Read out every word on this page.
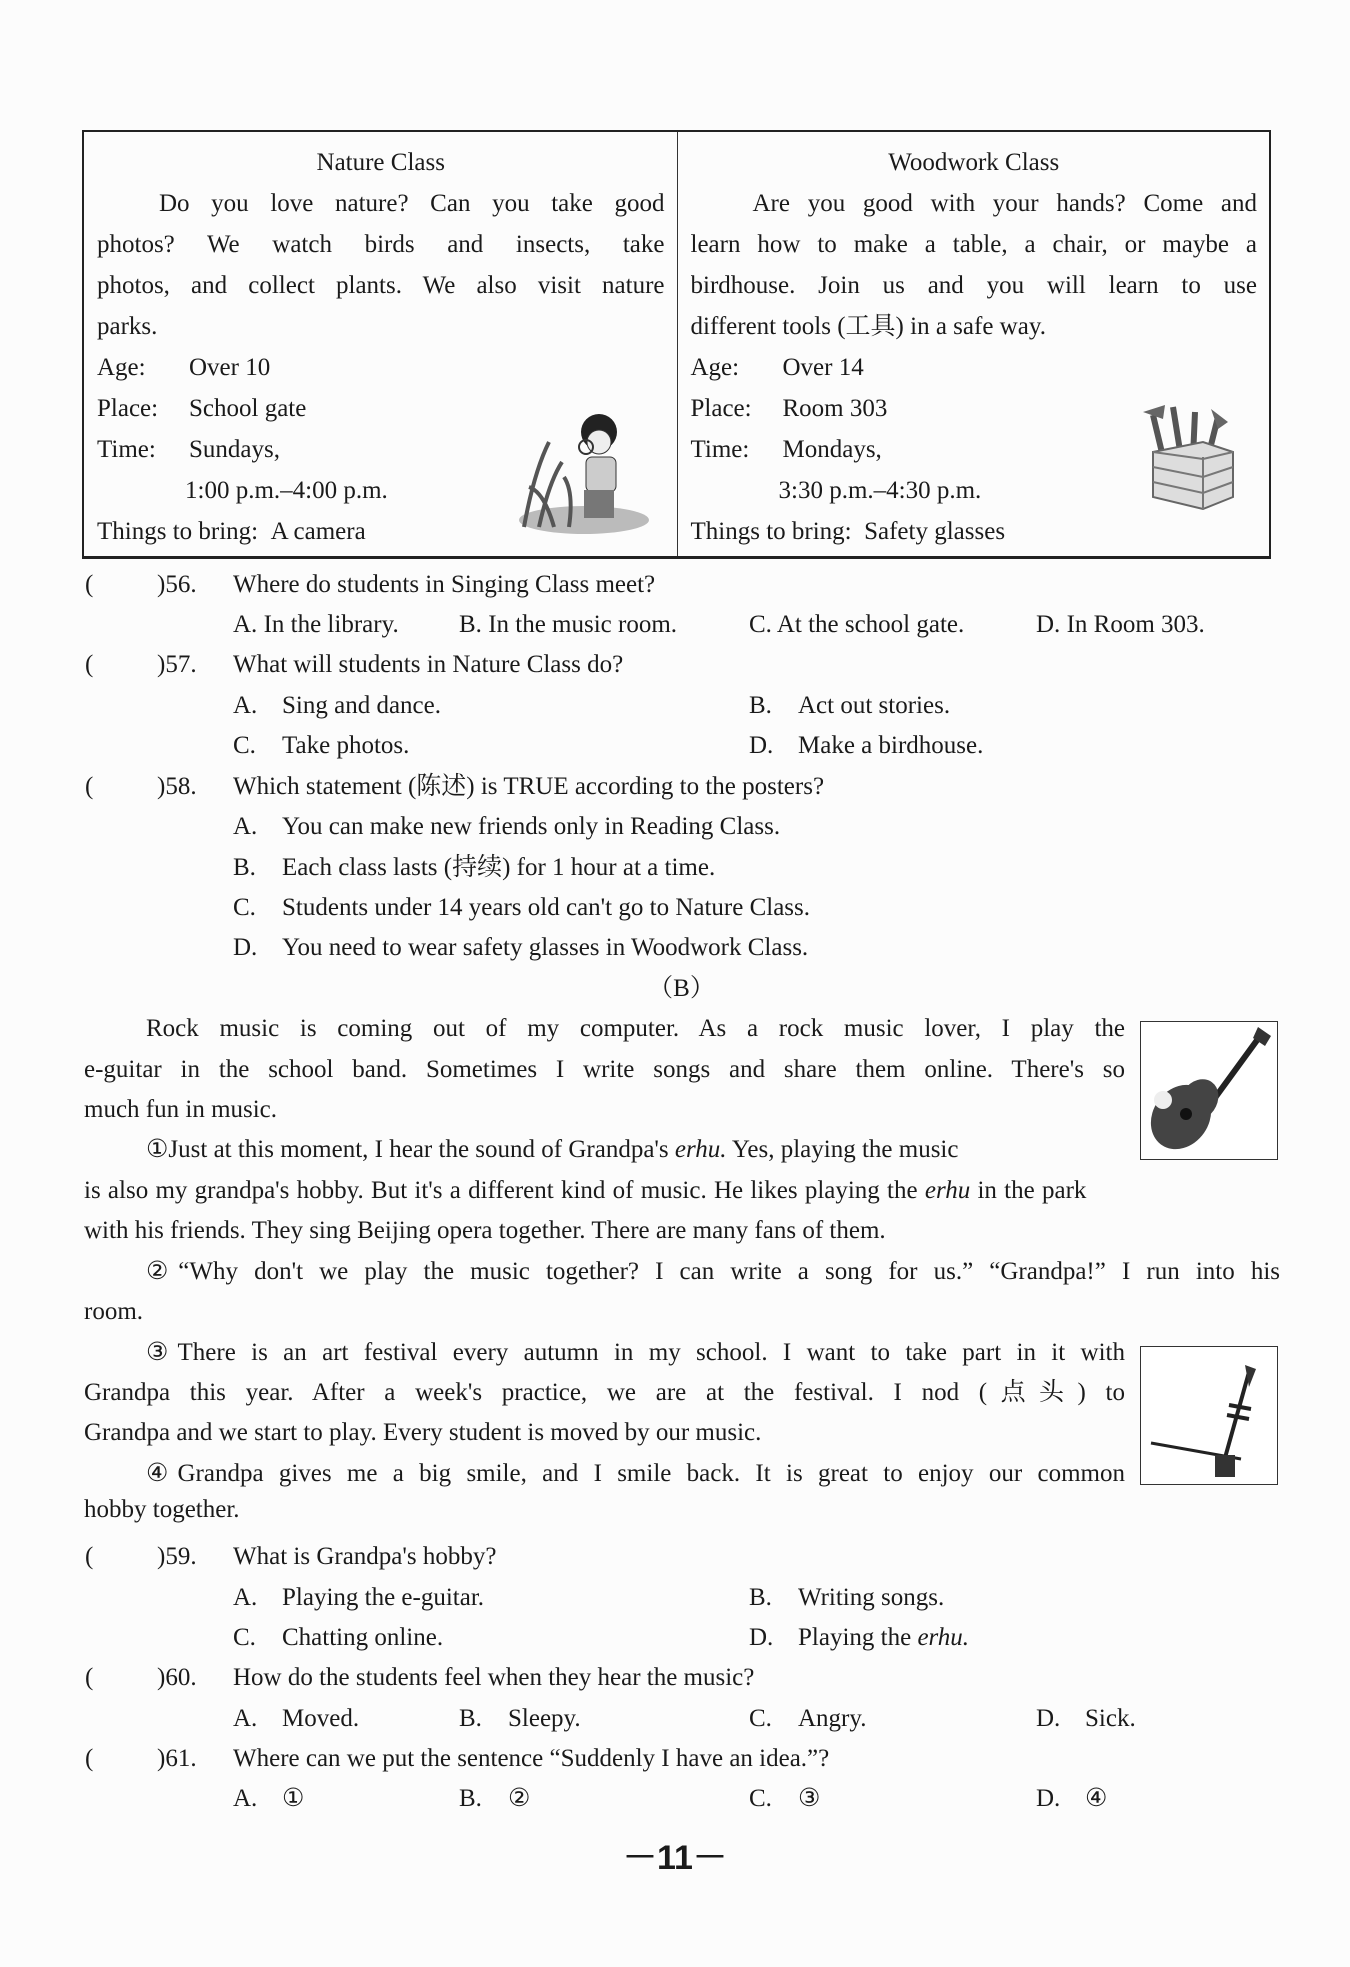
Nature Class
Do you love nature? Can you take good
photos? We watch birds and insects, take
photos, and collect plants. We also visit nature
parks.
Age: Over 10
Place: School gate
Time: Sundays,
1:00 p.m.–4:00 p.m.
Things to bring: A camera
Woodwork Class
Are you good with your hands? Come and
learn how to make a table, a chair, or maybe a
birdhouse. Join us and you will learn to use
different tools (工具) in a safe way.
Age: Over 14
Place: Room 303
Time: Mondays,
3:30 p.m.–4:30 p.m.
Things to bring: Safety glasses
(	)56. Where do students in Singing Class meet?
A. In the library. B. In the music room.	C. At the school gate.	D. In Room 303.
(	)57. What will students in Nature Class do?
A. Sing and dance.	B. Act out stories.
C. Take photos.	D. Make a birdhouse.
(	)58. Which statement (陈述) is TRUE according to the posters?
A. You can make new friends only in Reading Class.
B. Each class lasts (持续) for 1 hour at a time.
C. Students under 14 years old can't go to Nature Class.
D. You need to wear safety glasses in Woodwork Class.
（B）
Rock music is coming out of my computer. As a rock music lover, I play the
e-guitar in the school band. Sometimes I write songs and share them online. There's so
much fun in music.
①Just at this moment, I hear the sound of Grandpa's erhu. Yes, playing the music
is also my grandpa's hobby. But it's a different kind of music. He likes playing the erhu in the park
with his friends. They sing Beijing opera together. There are many fans of them.
②“Why don't we play the music together? I can write a song for us.” “Grandpa!” I run into his
room.
③There is an art festival every autumn in my school. I want to take part in it with
Grandpa this year. After a week's practice, we are at the festival. I nod (点头) to
Grandpa and we start to play. Every student is moved by our music.
④Grandpa gives me a big smile, and I smile back. It is great to enjoy our common
hobby together.
(	)59. What is Grandpa's hobby?
A. Playing the e-guitar.	B. Writing songs.
C. Chatting online.	D. Playing the erhu.
(	)60. How do the students feel when they hear the music?
A. Moved.	B. Sleepy.	C. Angry.	D. Sick.
(	)61. Where can we put the sentence “Suddenly I have an idea.”?
A. ①	B. ②	C. ③	D. ④
－11－
